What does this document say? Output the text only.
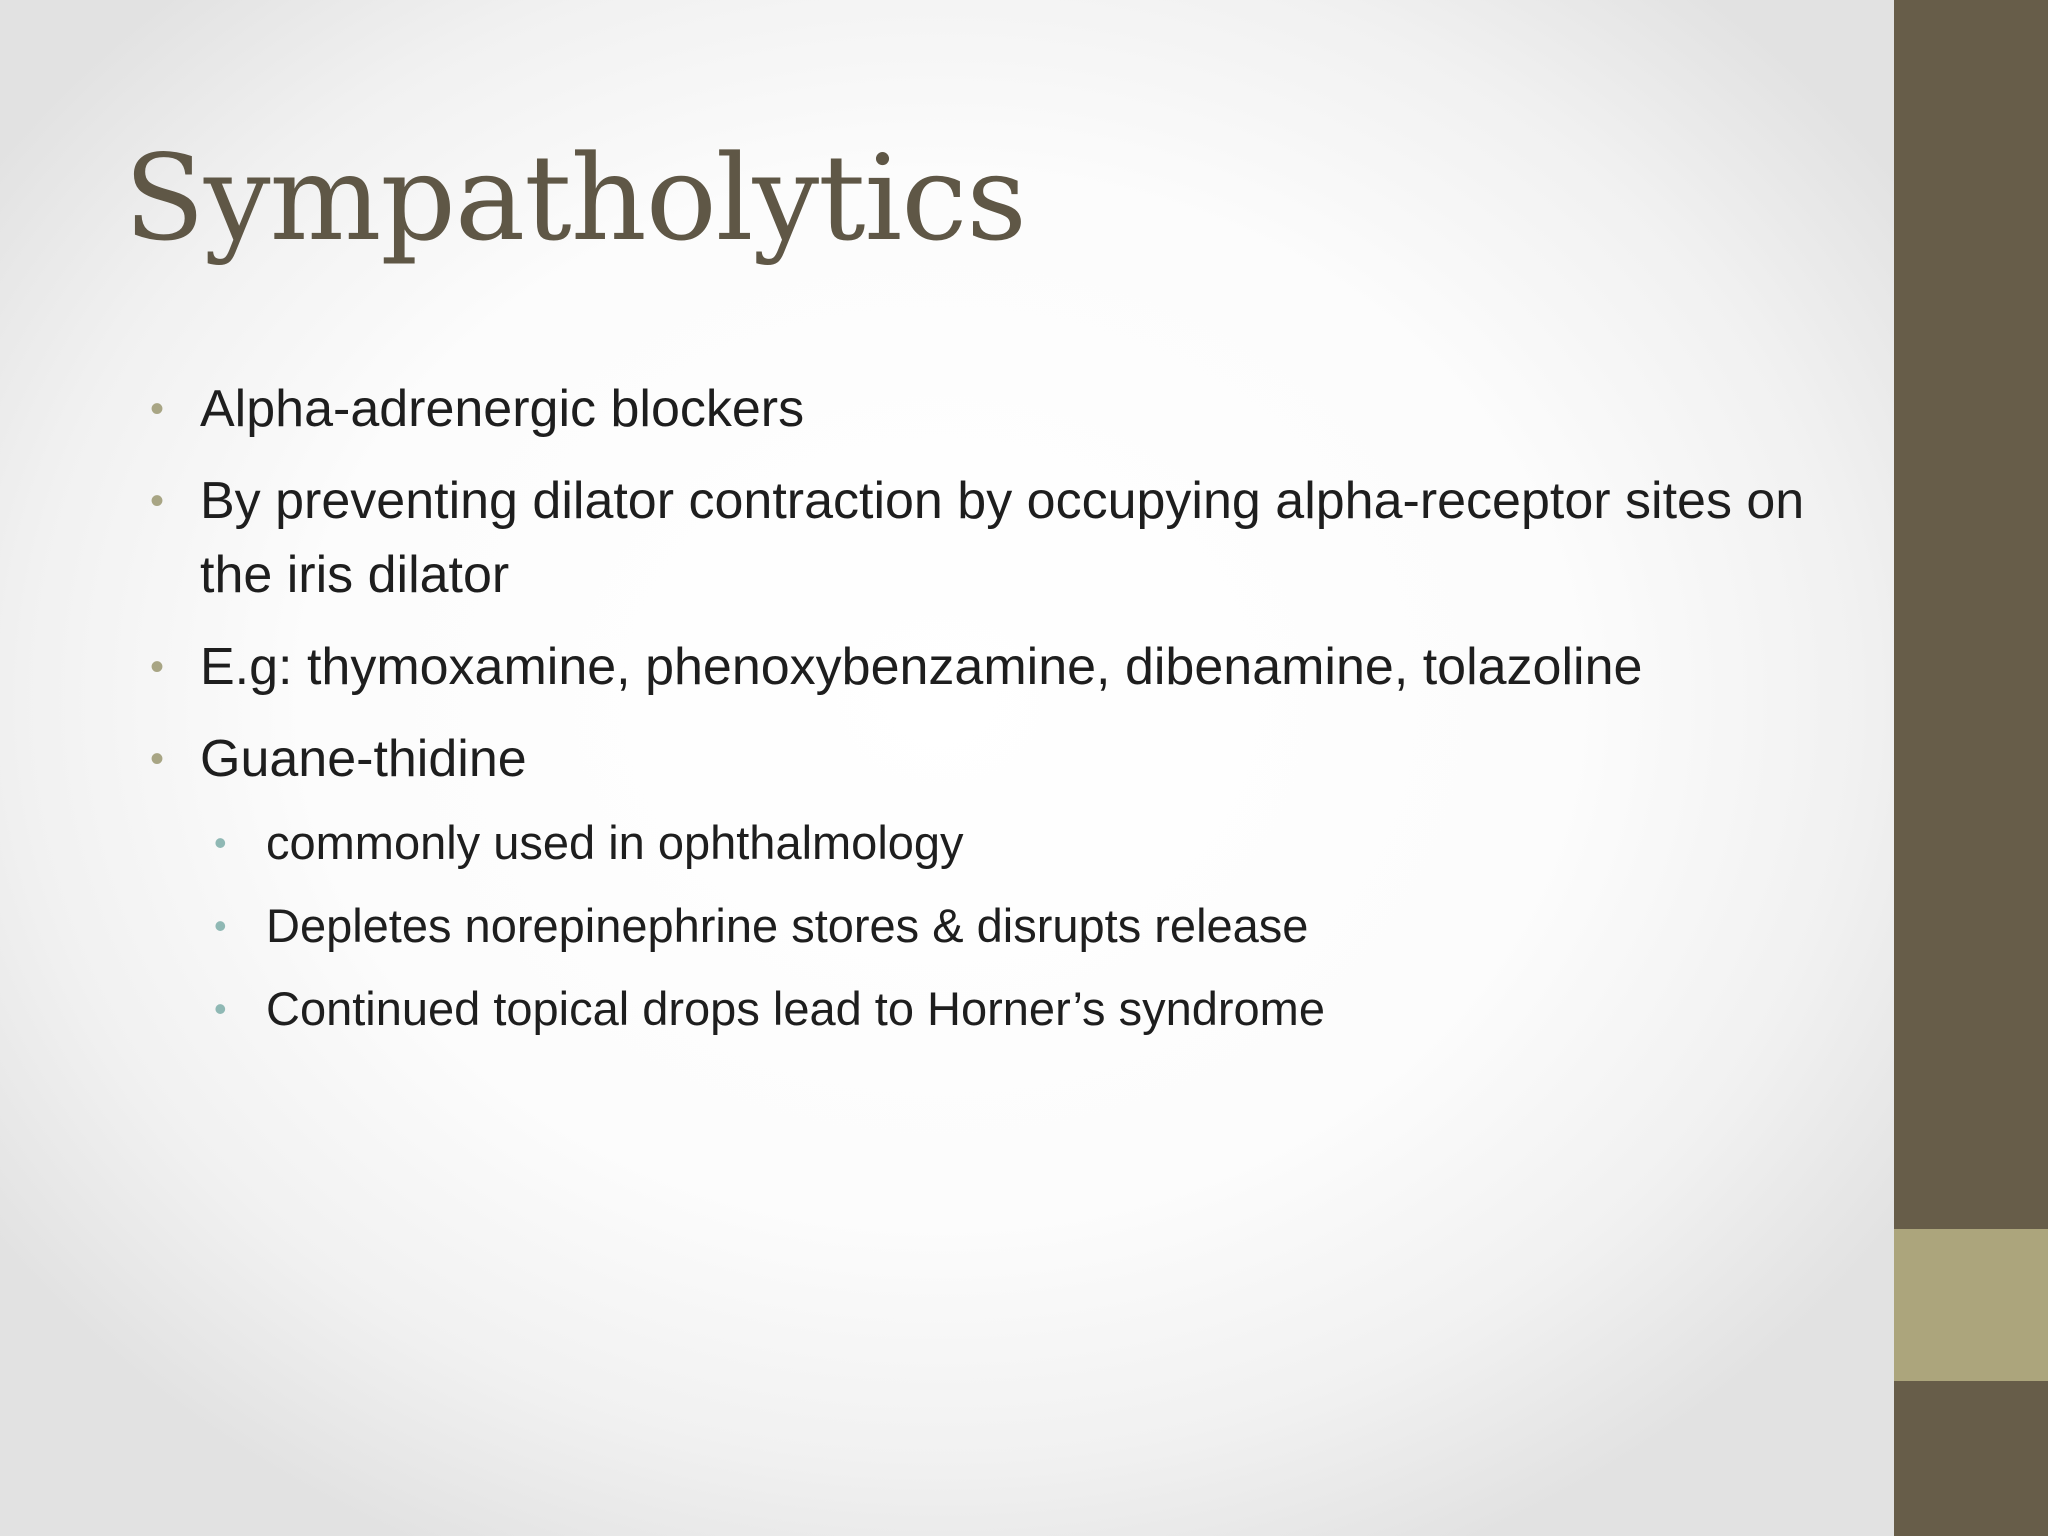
Sympatholytics
• Alpha-adrenergic blockers
• By preventing dilator contraction by occupying alpha-receptor sites on the iris dilator
• E.g: thymoxamine, phenoxybenzamine, dibenamine, tolazoline
• Guane-thidine
• commonly used in ophthalmology
• Depletes norepinephrine stores & disrupts release
• Continued topical drops lead to Horner’s syndrome
